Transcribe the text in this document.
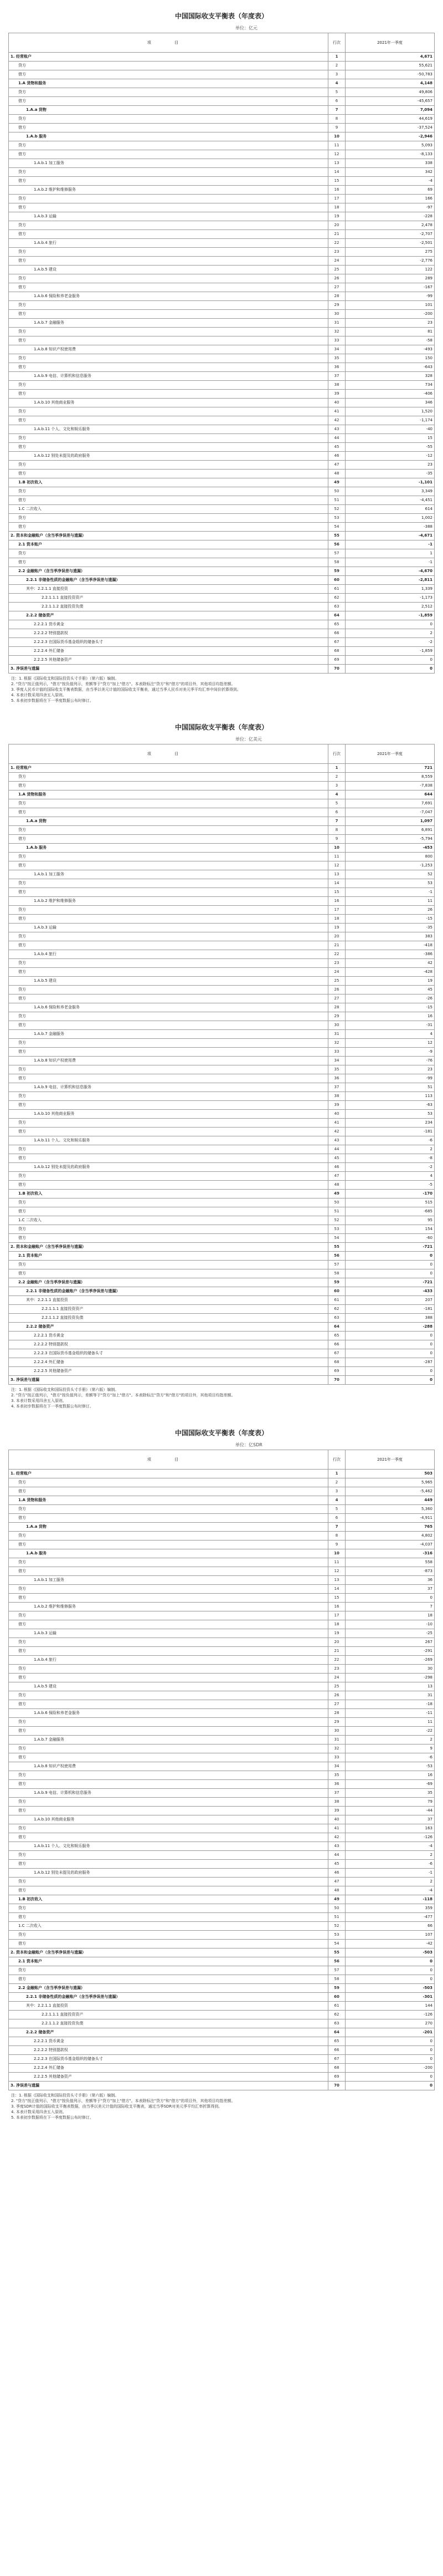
中国国际收支平衡表（年度表）
单位：亿元
项 目	行次	2021年一季度
1. 经常账户	1	4,671
贷方	2	55,621
借方	3	-50,783
1.A 货物和服务	4	4,148
贷方	5	49,806
借方	6	-45,657
1.A.a 货物	7	7,094
贷方	8	44,619
借方	9	-37,524
1.A.b 服务	10	-2,946
贷方	11	5,093
借方	12	-8,133
1.A.b.1 加工服务	13	338
贷方	14	342
借方	15	-4
1.A.b.2 维护和维修服务	16	69
贷方	17	166
借方	18	-97
1.A.b.3 运输	19	-228
贷方	20	2,478
借方	21	-2,707
1.A.b.4 旅行	22	-2,501
贷方	23	275
借方	24	-2,776
1.A.b.5 建设	25	122
贷方	26	289
借方	27	-167
1.A.b.6 保险和养老金服务	28	-99
贷方	29	101
借方	30	-200
1.A.b.7 金融服务	31	23
贷方	32	81
借方	33	-58
1.A.b.8 知识产权使用费	34	-493
贷方	35	150
借方	36	-643
1.A.b.9 电信、计算机和信息服务	37	328
贷方	38	734
借方	39	-406
1.A.b.10 其他商业服务	40	346
贷方	41	1,520
借方	42	-1,174
1.A.b.11 个人、文化和娱乐服务	43	-40
贷方	44	15
借方	45	-55
1.A.b.12 别处未提及的政府服务	46	-12
贷方	47	23
借方	48	-35
1.B 初次收入	49	-1,101
贷方	50	3,349
借方	51	-4,451
1.C 二次收入	52	614
贷方	53	1,002
借方	54	-388
2. 资本和金融账户（含当季净误差与遗漏）	55	-4,671
2.1 资本账户	56	-1
贷方	57	1
借方	58	-1
2.2 金融账户（含当季净误差与遗漏）	59	-4,670
2.2.1 非储备性质的金融账户（含当季净误差与遗漏）	60	-2,811
其中：2.2.1.1 直接投资	61	1,339
2.2.1.1.1 直接投资资产	62	-1,173
2.2.1.1.2 直接投资负债	63	2,512
2.2.2 储备资产	64	-1,859
2.2.2.1 货币黄金	65	0
2.2.2.2 特别提款权	66	2
2.2.2.3 在国际货币基金组织的储备头寸	67	-2
2.2.2.4 外汇储备	68	-1,859
2.2.2.5 其他储备资产	69	0
3. 净误差与遗漏	70	0
注：1. 根据《国际收支和国际投资头寸手册》（第六版）编制。
2. "贷方"按正值列示，"借方"按负值列示，差额等于"贷方"加上"借方"。本表除标注"贷方"和"借方"的项目外，其他项目均指差额。
3. 季度人民币计值的国际收支平衡表数据，由当季以美元计值的国际收支平衡表，通过当季人民币对美元季平均汇率中间价折算得到。
4. 本表计数采用四舍五入原则。
5. 本表初步数据将在下一季度数据公布时修订。
中国国际收支平衡表（年度表）
单位：亿美元
项 目	行次	2021年一季度
1. 经常账户	1	721
贷方	2	8,559
借方	3	-7,838
1.A 货物和服务	4	644
贷方	5	7,691
借方	6	-7,047
1.A.a 货物	7	1,097
贷方	8	6,891
借方	9	-5,794
1.A.b 服务	10	-453
贷方	11	800
借方	12	-1,253
1.A.b.1 加工服务	13	52
贷方	14	53
借方	15	-1
1.A.b.2 维护和维修服务	16	11
贷方	17	26
借方	18	-15
1.A.b.3 运输	19	-35
贷方	20	383
借方	21	-418
1.A.b.4 旅行	22	-386
贷方	23	42
借方	24	-428
1.A.b.5 建设	25	19
贷方	26	45
借方	27	-26
1.A.b.6 保险和养老金服务	28	-15
贷方	29	16
借方	30	-31
1.A.b.7 金融服务	31	4
贷方	32	12
借方	33	-9
1.A.b.8 知识产权使用费	34	-76
贷方	35	23
借方	36	-99
1.A.b.9 电信、计算机和信息服务	37	51
贷方	38	113
借方	39	-63
1.A.b.10 其他商业服务	40	53
贷方	41	234
借方	42	-181
1.A.b.11 个人、文化和娱乐服务	43	-6
贷方	44	2
借方	45	-8
1.A.b.12 别处未提及的政府服务	46	-2
贷方	47	4
借方	48	-5
1.B 初次收入	49	-170
贷方	50	515
借方	51	-685
1.C 二次收入	52	95
贷方	53	154
借方	54	-60
2. 资本和金融账户（含当季净误差与遗漏）	55	-721
2.1 资本账户	56	0
贷方	57	0
借方	58	0
2.2 金融账户（含当季净误差与遗漏）	59	-721
2.2.1 非储备性质的金融账户（含当季净误差与遗漏）	60	-433
其中：2.2.1.1 直接投资	61	207
2.2.1.1.1 直接投资资产	62	-181
2.2.1.1.2 直接投资负债	63	388
2.2.2 储备资产	64	-288
2.2.2.1 货币黄金	65	0
2.2.2.2 特别提款权	66	0
2.2.2.3 在国际货币基金组织的储备头寸	67	0
2.2.2.4 外汇储备	68	-287
2.2.2.5 其他储备资产	69	0
3. 净误差与遗漏	70	0
注：1. 根据《国际收支和国际投资头寸手册》（第六版）编制。
2. "贷方"按正值列示，"借方"按负值列示，差额等于"贷方"加上"借方"。本表除标注"贷方"和"借方"的项目外，其他项目均指差额。
3. 本表计数采用四舍五入原则。
4. 本表初步数据将在下一季度数据公布时修订。
中国国际收支平衡表（年度表）
单位：亿SDR
项 目	行次	2021年一季度
1. 经常账户	1	503
贷方	2	5,965
借方	3	-5,462
1.A 货物和服务	4	449
贷方	5	5,360
借方	6	-4,911
1.A.a 货物	7	765
贷方	8	4,802
借方	9	-4,037
1.A.b 服务	10	-316
贷方	11	558
借方	12	-873
1.A.b.1 加工服务	13	36
贷方	14	37
借方	15	0
1.A.b.2 维护和维修服务	16	7
贷方	17	18
借方	18	-10
1.A.b.3 运输	19	-25
贷方	20	267
借方	21	-291
1.A.b.4 旅行	22	-269
贷方	23	30
借方	24	-298
1.A.b.5 建设	25	13
贷方	26	31
借方	27	-18
1.A.b.6 保险和养老金服务	28	-11
贷方	29	11
借方	30	-22
1.A.b.7 金融服务	31	2
贷方	32	9
借方	33	-6
1.A.b.8 知识产权使用费	34	-53
贷方	35	16
借方	36	-69
1.A.b.9 电信、计算机和信息服务	37	35
贷方	38	79
借方	39	-44
1.A.b.10 其他商业服务	40	37
贷方	41	163
借方	42	-126
1.A.b.11 个人、文化和娱乐服务	43	-4
贷方	44	2
借方	45	-6
1.A.b.12 别处未提及的政府服务	46	-1
贷方	47	2
借方	48	-4
1.B 初次收入	49	-118
贷方	50	359
借方	51	-477
1.C 二次收入	52	66
贷方	53	107
借方	54	-42
2. 资本和金融账户（含当季净误差与遗漏）	55	-503
2.1 资本账户	56	0
贷方	57	0
借方	58	0
2.2 金融账户（含当季净误差与遗漏）	59	-503
2.2.1 非储备性质的金融账户（含当季净误差与遗漏）	60	-301
其中：2.2.1.1 直接投资	61	144
2.2.1.1.1 直接投资资产	62	-126
2.2.1.1.2 直接投资负债	63	270
2.2.2 储备资产	64	-201
2.2.2.1 货币黄金	65	0
2.2.2.2 特别提款权	66	0
2.2.2.3 在国际货币基金组织的储备头寸	67	0
2.2.2.4 外汇储备	68	-200
2.2.2.5 其他储备资产	69	0
3. 净误差与遗漏	70	0
注：1. 根据《国际收支和国际投资头寸手册》（第六版）编制。
2. "贷方"按正值列示，"借方"按负值列示，差额等于"贷方"加上"借方"。本表除标注"贷方"和"借方"的项目外，其他项目均指差额。
3. 季度SDR计值的国际收支平衡表数据，由当季以美元计值的国际收支平衡表，通过当季SDR对美元季平均汇率折算得到。
4. 本表计数采用四舍五入原则。
5. 本表初步数据将在下一季度数据公布时修订。
